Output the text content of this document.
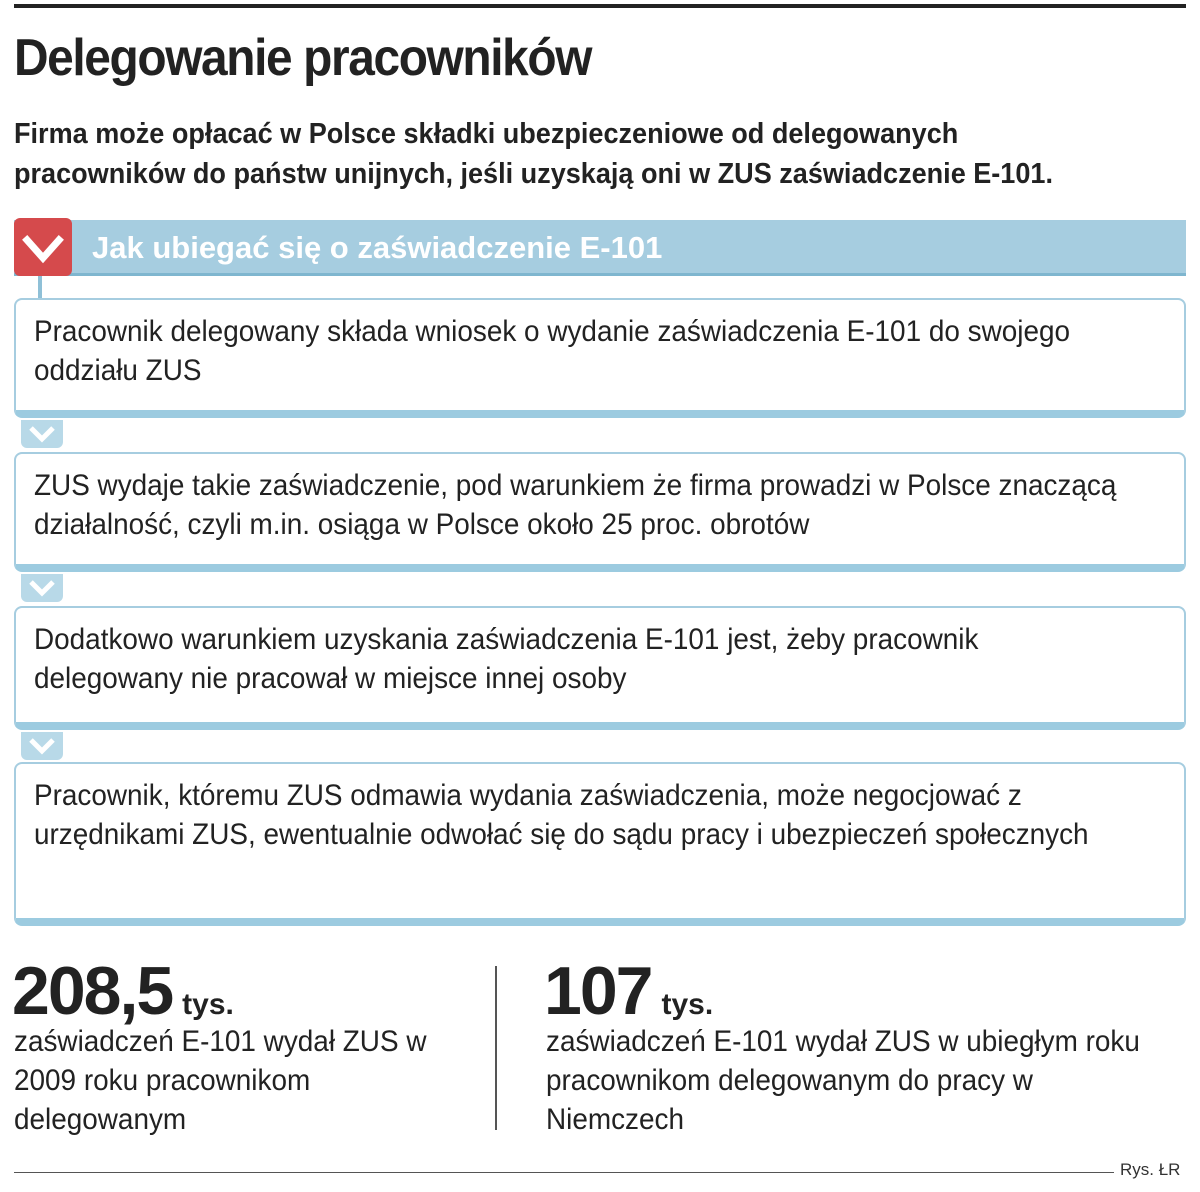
Delegowanie pracowników

Firma może opłacać w Polsce składki ubezpieczeniowe od delegowanych pracowników do państw unijnych, jeśli uzyskają oni w ZUS zaświadczenie E-101.

Jak ubiegać się o zaświadczenie E-101

Pracownik delegowany składa wniosek o wydanie zaświadczenia E-101 do swojego oddziału ZUS

ZUS wydaje takie zaświadczenie, pod warunkiem że firma prowadzi w Polsce znaczącą działalność, czyli m.in. osiąga w Polsce około 25 proc. obrotów

Dodatkowo warunkiem uzyskania zaświadczenia E-101 jest, żeby pracownik delegowany nie pracował w miejsce innej osoby

Pracownik, któremu ZUS odmawia wydania zaświadczenia, może negocjować z urzędnikami ZUS, ewentualnie odwołać się do sądu pracy i ubezpieczeń społecznych

208,5 tys.

zaświadczeń E-101 wydał ZUS w 2009 roku pracownikom delegowanym

107 tys.

zaświadczeń E-101 wydał ZUS w ubiegłym roku pracownikom delegowanym do pracy w Niemczech

Rys. ŁR
